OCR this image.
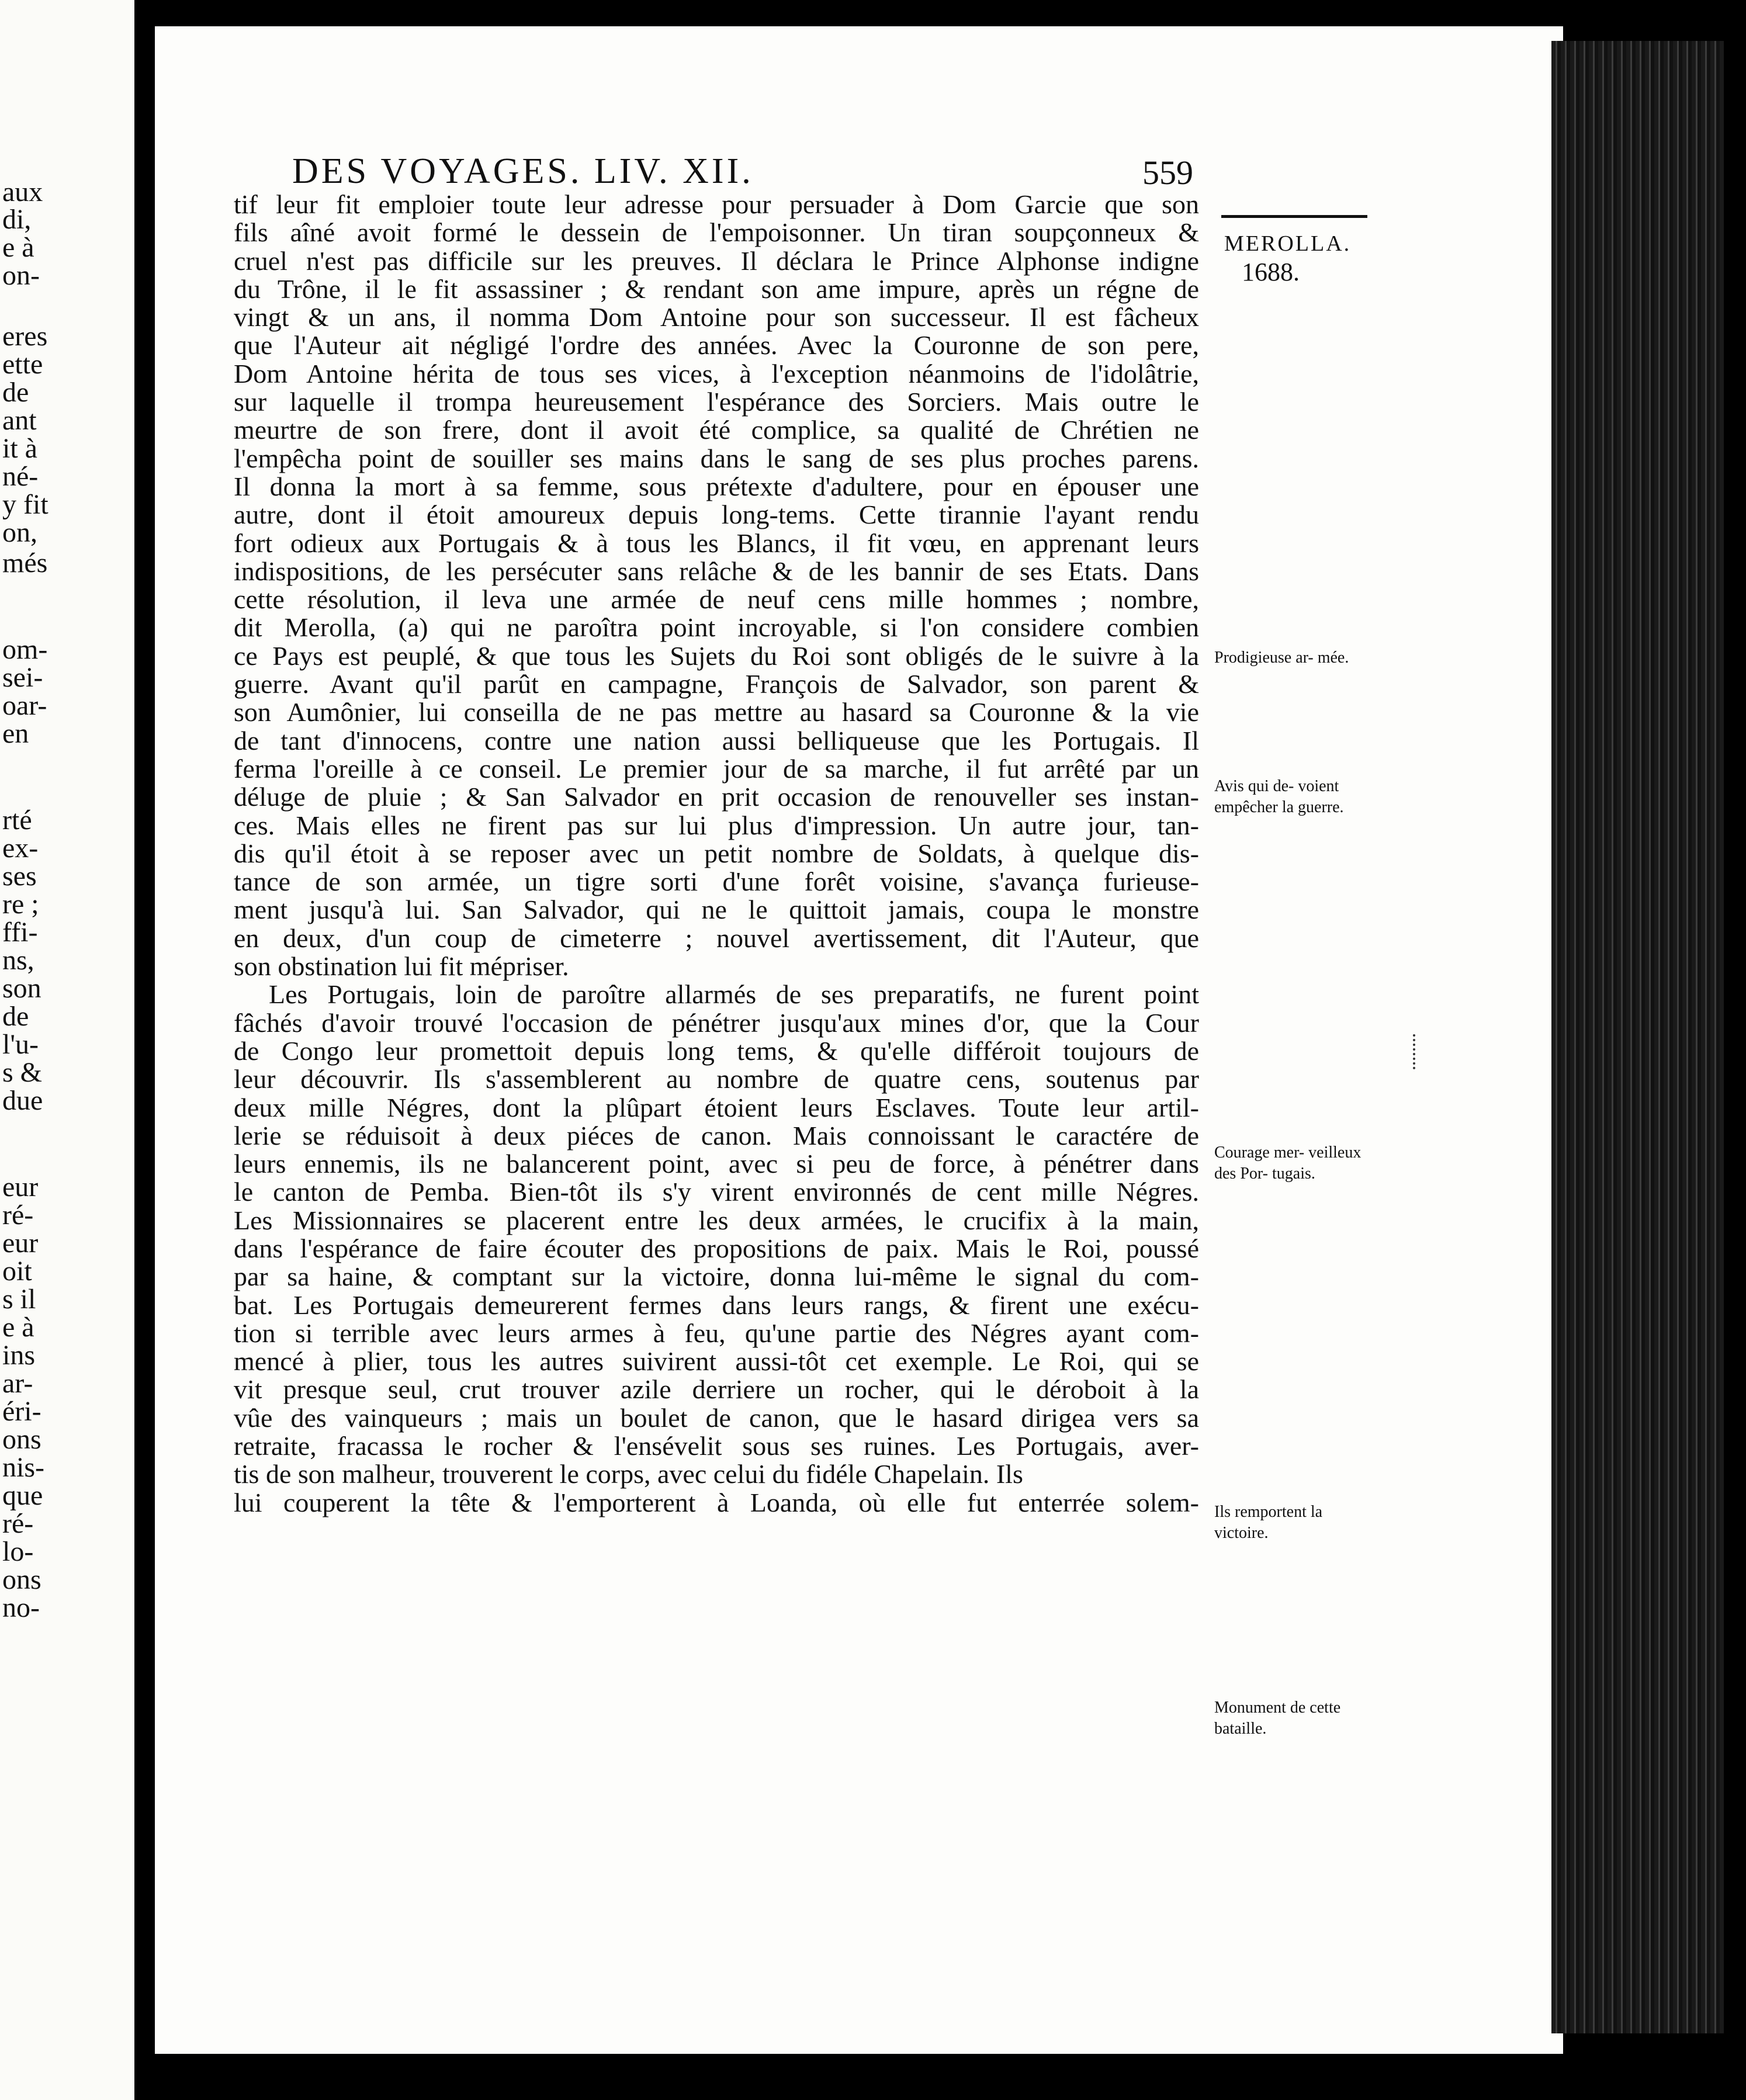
aux
di,
e à
on-
eres
ette
de
ant
it à
né-
y fit
on,
més
om-
sei-
oar-
en
rté
ex-
ses
re ;
ffi-
ns,
son
de
l'u-
s &
due
eur
ré-
eur
oit
s il
e à
ins
ar-
éri-
ons
nis-
que
ré-
lo-
ons
no-
DES VOYAGES. LIV. XII.	559
MEROLLA.
1688.
Prodigieuse ar- mée.
Avis qui de- voient empêcher la guerre.
Courage mer- veilleux des Por- tugais.
Ils remportent la victoire.
Monument de cette bataille.
tif leur fit emploier toute leur adresse pour persuader à Dom Garcie que son
fils aîné avoit formé le dessein de l'empoisonner. Un tiran soupçonneux &
cruel n'est pas difficile sur les preuves. Il déclara le Prince Alphonse indigne
du Trône, il le fit assassiner ; & rendant son ame impure, après un régne de
vingt & un ans, il nomma Dom Antoine pour son successeur. Il est fâcheux
que l'Auteur ait négligé l'ordre des années. Avec la Couronne de son pere,
Dom Antoine hérita de tous ses vices, à l'exception néanmoins de l'idolâtrie,
sur laquelle il trompa heureusement l'espérance des Sorciers. Mais outre le
meurtre de son frere, dont il avoit été complice, sa qualité de Chrétien ne
l'empêcha point de souiller ses mains dans le sang de ses plus proches parens.
Il donna la mort à sa femme, sous prétexte d'adultere, pour en épouser une
autre, dont il étoit amoureux depuis long-tems. Cette tirannie l'ayant rendu
fort odieux aux Portugais & à tous les Blancs, il fit vœu, en apprenant leurs
indispositions, de les persécuter sans relâche & de les bannir de ses Etats. Dans
cette résolution, il leva une armée de neuf cens mille hommes ; nombre,
dit Merolla, (a) qui ne paroîtra point incroyable, si l'on considere combien
ce Pays est peuplé, & que tous les Sujets du Roi sont obligés de le suivre à la
guerre. Avant qu'il parût en campagne, François de Salvador, son parent &
son Aumônier, lui conseilla de ne pas mettre au hasard sa Couronne & la vie
de tant d'innocens, contre une nation aussi belliqueuse que les Portugais. Il
ferma l'oreille à ce conseil. Le premier jour de sa marche, il fut arrêté par un
déluge de pluie ; & San Salvador en prit occasion de renouveller ses instan-
ces. Mais elles ne firent pas sur lui plus d'impression. Un autre jour, tan-
dis qu'il étoit à se reposer avec un petit nombre de Soldats, à quelque dis-
tance de son armée, un tigre sorti d'une forêt voisine, s'avança furieuse-
ment jusqu'à lui. San Salvador, qui ne le quittoit jamais, coupa le monstre
en deux, d'un coup de cimeterre ; nouvel avertissement, dit l'Auteur, que
son obstination lui fit mépriser.
Les Portugais, loin de paroître allarmés de ses preparatifs, ne furent point
fâchés d'avoir trouvé l'occasion de pénétrer jusqu'aux mines d'or, que la Cour
de Congo leur promettoit depuis long tems, & qu'elle différoit toujours de
leur découvrir. Ils s'assemblerent au nombre de quatre cens, soutenus par
deux mille Négres, dont la plûpart étoient leurs Esclaves. Toute leur artil-
lerie se réduisoit à deux piéces de canon. Mais connoissant le caractére de
leurs ennemis, ils ne balancerent point, avec si peu de force, à pénétrer dans
le canton de Pemba. Bien-tôt ils s'y virent environnés de cent mille Négres.
Les Missionnaires se placerent entre les deux armées, le crucifix à la main,
dans l'espérance de faire écouter des propositions de paix. Mais le Roi, poussé
par sa haine, & comptant sur la victoire, donna lui-même le signal du com-
bat. Les Portugais demeurerent fermes dans leurs rangs, & firent une exécu-
tion si terrible avec leurs armes à feu, qu'une partie des Négres ayant com-
mencé à plier, tous les autres suivirent aussi-tôt cet exemple. Le Roi, qui se
vit presque seul, crut trouver azile derriere un rocher, qui le déroboit à la
vûe des vainqueurs ; mais un boulet de canon, que le hasard dirigea vers sa
retraite, fracassa le rocher & l'ensévelit sous ses ruines. Les Portugais, aver-
tis de son malheur, trouverent le corps, avec celui du fidéle Chapelain. Ils
lui couperent la tête & l'emporterent à Loanda, où elle fut enterrée solem-
